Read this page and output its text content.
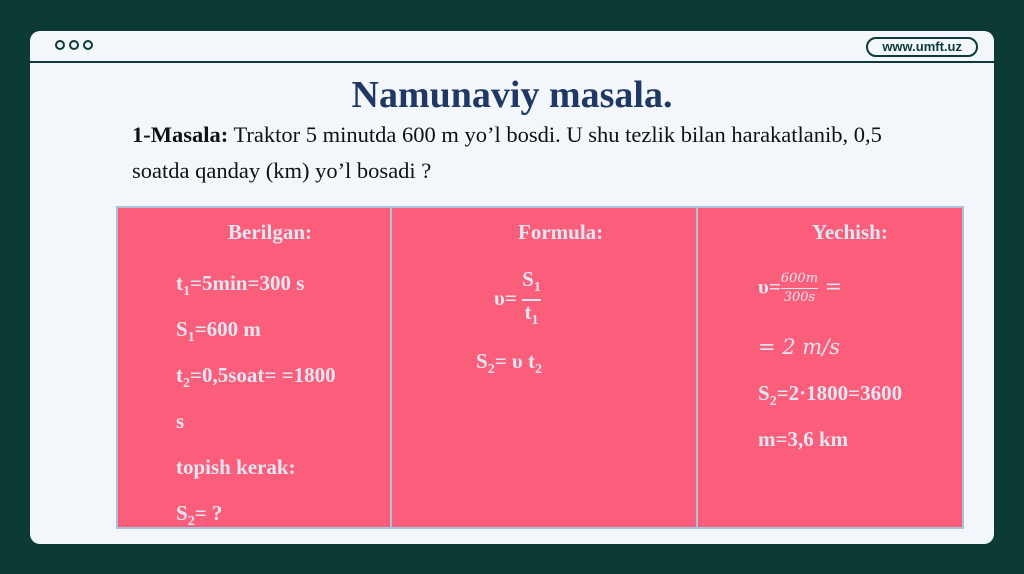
www.umft.uz
Namunaviy masala.
1-Masala: Traktor 5 minutda 600 m yo’l bosdi. U shu tezlik bilan harakatlanib, 0,5 soatda qanday (km) yo’l bosadi ?
Berilgan:
$t_1=5\min=300$ s
$S_1=600$ m
$t_2=0,5soat= =1800$
s
topish kerak:
$S_2=$ ?
Formula:
$\upsilon= \frac{S_1}{t_1}$
$S_2= \upsilon$ $t_2$
Yechish:
$\upsilon= \frac{600m}{300s}$ =
= 2 m/s
$S_2=2\cdot 1800=3600$
m=3,6 km
